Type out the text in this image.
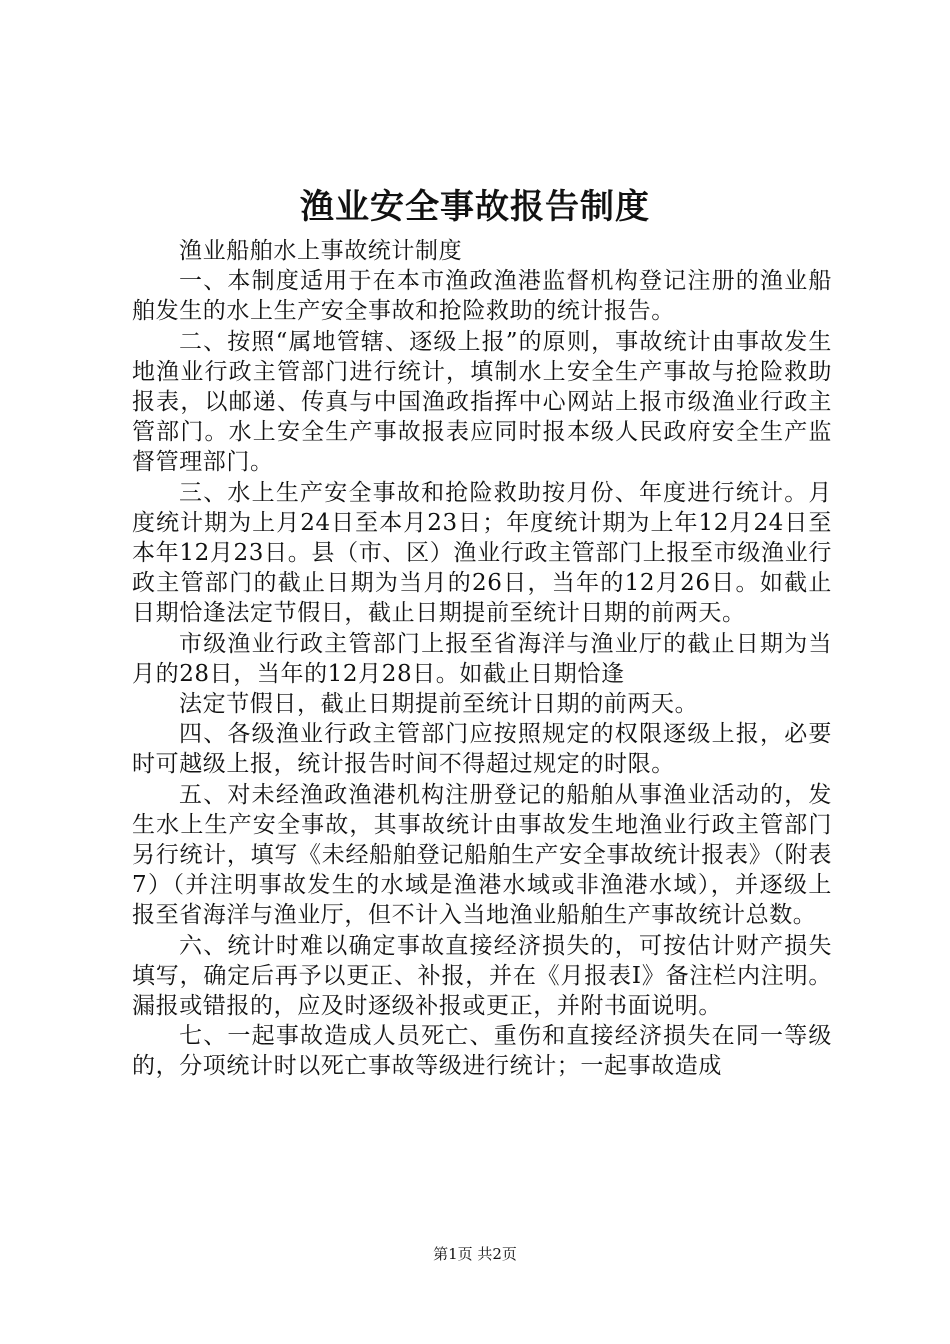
渔业安全事故报告制度

渔业船舶水上事故统计制度

一、本制度适用于在本市渔政渔港监督机构登记注册的渔业船舶发生的水上生产安全事故和抢险救助的统计报告。

二、按照“属地管辖、逐级上报”的原则，事故统计由事故发生地渔业行政主管部门进行统计，填制水上安全生产事故与抢险救助报表，以邮递、传真与中国渔政指挥中心网站上报市级渔业行政主管部门。水上安全生产事故报表应同时报本级人民政府安全生产监督管理部门。

三、水上生产安全事故和抢险救助按月份、年度进行统计。月度统计期为上月24日至本月23日；年度统计期为上年12月24日至本年12月23日。县（市、区）渔业行政主管部门上报至市级渔业行政主管部门的截止日期为当月的26日，当年的12月26日。如截止日期恰逢法定节假日，截止日期提前至统计日期的前两天。

市级渔业行政主管部门上报至省海洋与渔业厅的截止日期为当月的28日，当年的12月28日。如截止日期恰逢

法定节假日，截止日期提前至统计日期的前两天。

四、各级渔业行政主管部门应按照规定的权限逐级上报，必要时可越级上报，统计报告时间不得超过规定的时限。

五、对未经渔政渔港机构注册登记的船舶从事渔业活动的，发生水上生产安全事故，其事故统计由事故发生地渔业行政主管部门另行统计，填写《未经船舶登记船舶生产安全事故统计报表》（附表7）（并注明事故发生的水域是渔港水域或非渔港水域），并逐级上报至省海洋与渔业厅，但不计入当地渔业船舶生产事故统计总数。

六、统计时难以确定事故直接经济损失的，可按估计财产损失填写，确定后再予以更正、补报，并在《月报表Ⅰ》备注栏内注明。漏报或错报的，应及时逐级补报或更正，并附书面说明。

七、一起事故造成人员死亡、重伤和直接经济损失在同一等级的，分项统计时以死亡事故等级进行统计；一起事故造成

第1页 共2页
